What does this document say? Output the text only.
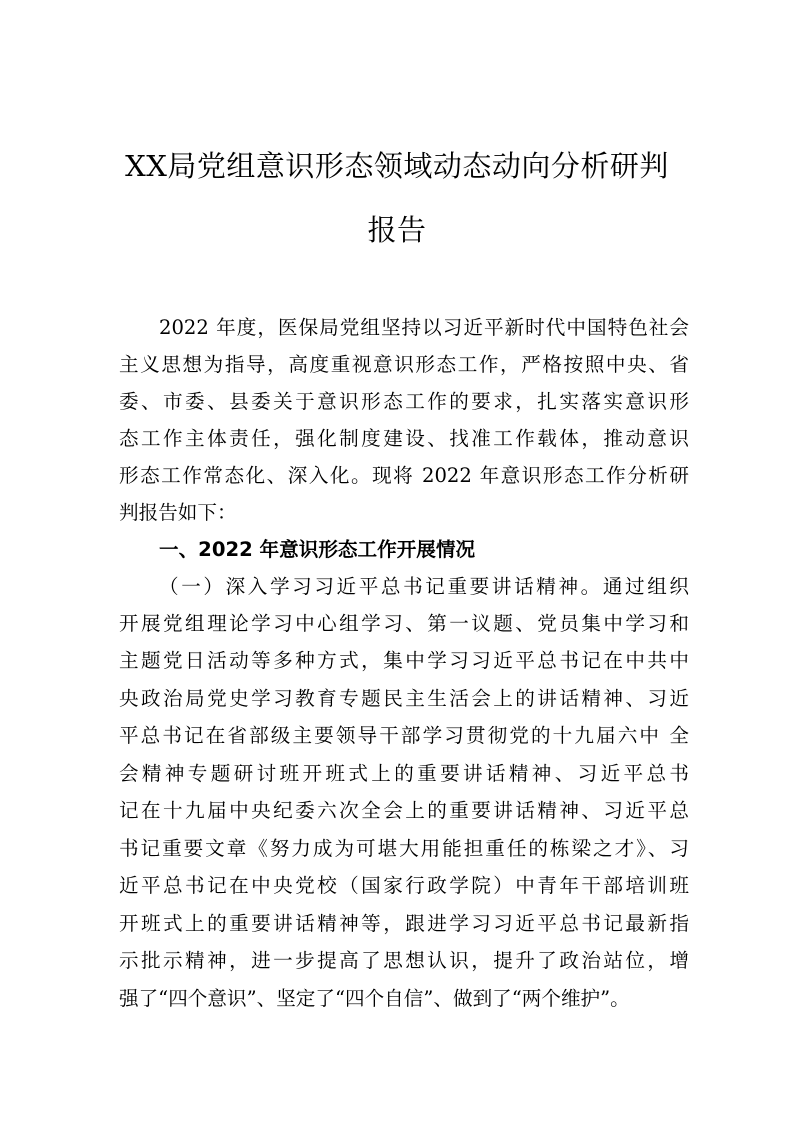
XX局党组意识形态领域动态动向分析研判
报告
2022 年度，医保局党组坚持以习近平新时代中国特色社会
主义思想为指导，高度重视意识形态工作，严格按照中央、省
委、市委、县委关于意识形态工作的要求，扎实落实意识形
态工作主体责任，强化制度建设、找准工作载体，推动意识
形态工作常态化、深入化。现将 2022 年意识形态工作分析研
判报告如下：
一、2022 年意识形态工作开展情况
（一）深入学习习近平总书记重要讲话精神。通过组织
开展党组理论学习中心组学习、第一议题、党员集中学习和
主题党日活动等多种方式，集中学习习近平总书记在中共中
央政治局党史学习教育专题民主生活会上的讲话精神、习近
平总书记在省部级主要领导干部学习贯彻党的十九届六中 全
会精神专题研讨班开班式上的重要讲话精神、习近平总书
记在十九届中央纪委六次全会上的重要讲话精神、习近平总
书记重要文章《努力成为可堪大用能担重任的栋梁之才》、习
近平总书记在中央党校（国家行政学院）中青年干部培训班
开班式上的重要讲话精神等，跟进学习习近平总书记最新指
示批示精神，进一步提高了思想认识，提升了政治站位，增
强了“四个意识”、坚定了“四个自信”、做到了“两个维护”。
